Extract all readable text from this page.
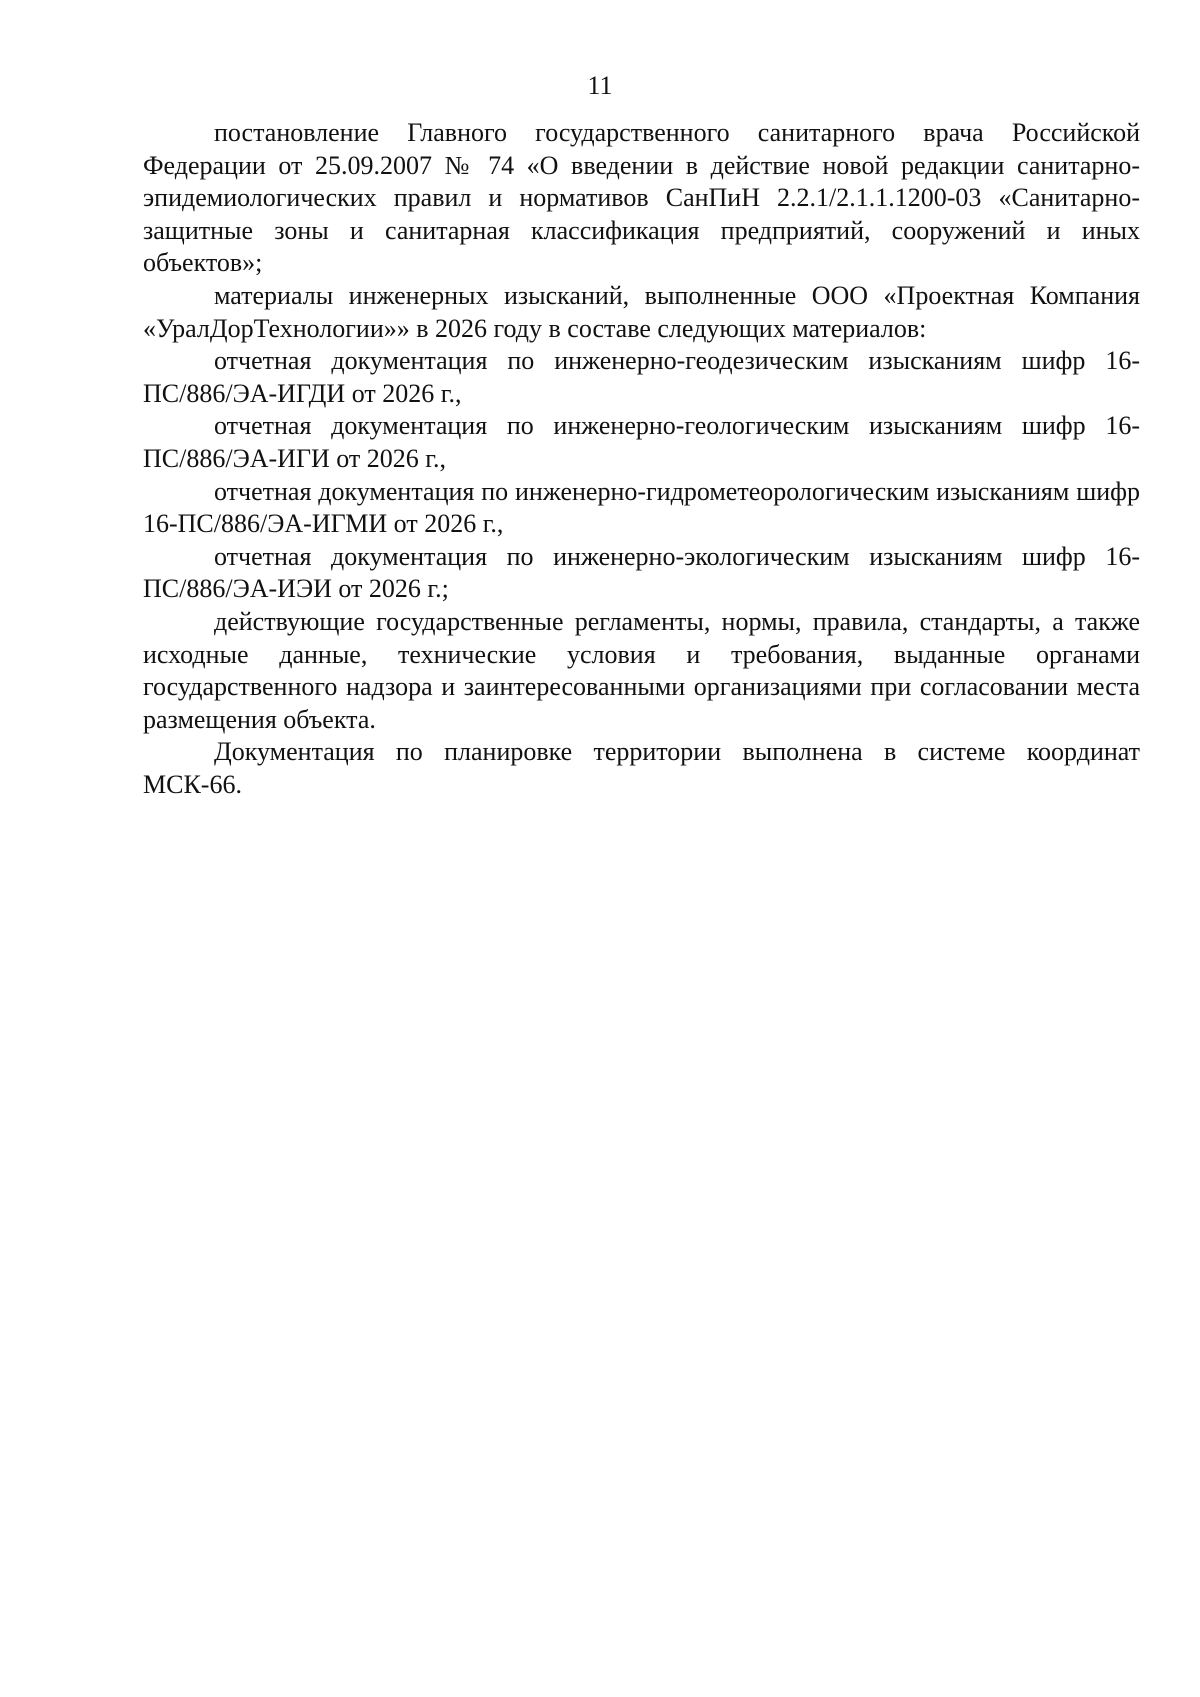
11

постановление Главного государственного санитарного врача Российской Федерации от 25.09.2007 № 74 «О введении в действие новой редакции санитарно-эпидемиологических правил и нормативов СанПиН 2.2.1/2.1.1.1200-03 «Санитарно-защитные зоны и санитарная классификация предприятий, сооружений и иных объектов»;

материалы инженерных изысканий, выполненные ООО «Проектная Компания «УралДорТехнологии»» в 2026 году в составе следующих материалов:

отчетная документация по инженерно-геодезическим изысканиям шифр 16-ПС/886/ЭА-ИГДИ от 2026 г.,

отчетная документация по инженерно-геологическим изысканиям шифр 16-ПС/886/ЭА-ИГИ от 2026 г.,

отчетная документация по инженерно-гидрометеорологическим изысканиям шифр 16-ПС/886/ЭА-ИГМИ от 2026 г.,

отчетная документация по инженерно-экологическим изысканиям шифр 16-ПС/886/ЭА-ИЭИ от 2026 г.;

действующие государственные регламенты, нормы, правила, стандарты, а также исходные данные, технические условия и требования, выданные органами государственного надзора и заинтересованными организациями при согласовании места размещения объекта.

Документация по планировке территории выполнена в системе координат МСК-66.
